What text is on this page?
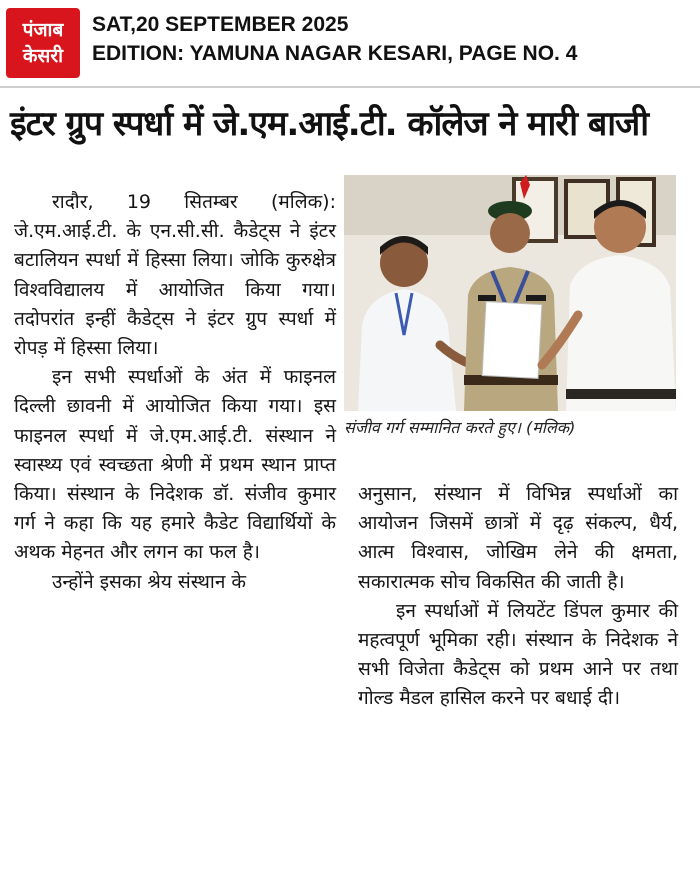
पंजाब
केसरी
SAT,20 SEPTEMBER 2025
EDITION: YAMUNA NAGAR KESARI, PAGE NO. 4
इंटर ग्रुप स्पर्धा में जे.एम.आई.टी. कॉलेज ने मारी बाजी

रादौर, 19 सितम्बर (मलिक): जे.एम.आई.टी. के एन.सी.सी. कैडेट्स ने इंटर बटालियन स्पर्धा में हिस्सा लिया। जोकि कुरुक्षेत्र विश्वविद्यालय में आयोजित किया गया। तदोपरांत इन्हीं कैडेट्स ने इंटर ग्रुप स्पर्धा में रोपड़ में हिस्सा लिया।

इन सभी स्पर्धाओं के अंत में फाइनल दिल्ली छावनी में आयोजित किया गया। इस फाइनल स्पर्धा में जे.एम.आई.टी. संस्थान ने स्वास्थ्य एवं स्वच्छता श्रेणी में प्रथम स्थान प्राप्त किया। संस्थान के निदेशक डॉ. संजीव कुमार गर्ग ने कहा कि यह हमारे कैडेट विद्यार्थियों के अथक मेहनत और लगन का फल है।

उन्होंने इसका श्रेय संस्थान के

संजीव गर्ग सम्मानित करते हुए। (मलिक)

अनुसान, संस्थान में विभिन्न स्पर्धाओं का आयोजन जिसमें छात्रों में दृढ़ संकल्प, धैर्य, आत्म विश्वास, जोखिम लेने की क्षमता, सकारात्मक सोच विकसित की जाती है।

इन स्पर्धाओं में लियटेंट डिंपल कुमार की महत्वपूर्ण भूमिका रही। संस्थान के निदेशक ने सभी विजेता कैडेट्स को प्रथम आने पर तथा गोल्ड मैडल हासिल करने पर बधाई दी।
